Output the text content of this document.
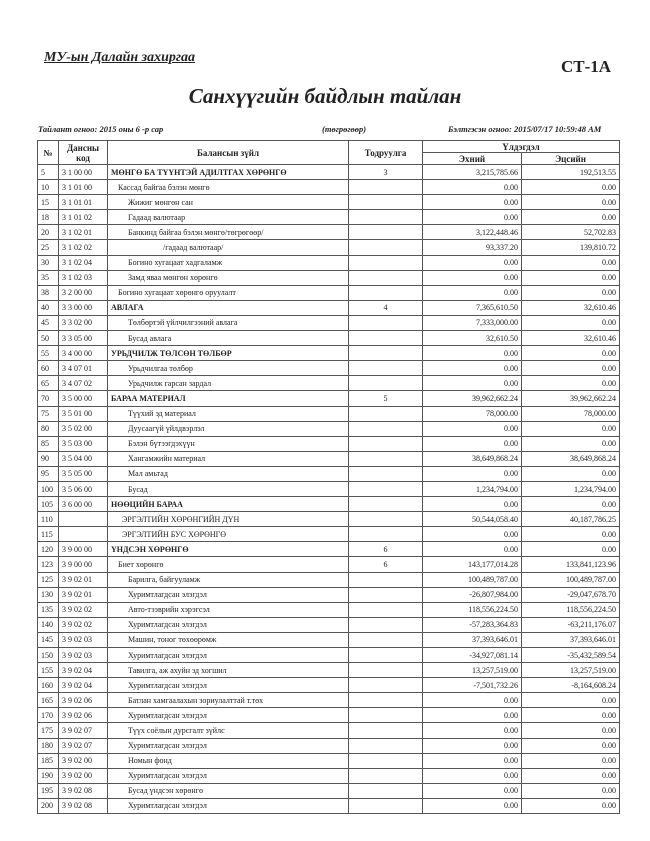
МУ-ын Далайн захиргаа	СТ-1А
Санхүүгийн байдлын тайлан
Тайлант огноо: 2015 оны 6 -р сар	(төгрөгөөр)	Бэлтгэсэн огноо: 2015/07/17 10:59:48 AM
№	Дансны код	Балансын зүйл	Тодруулга	Үлдэгдэл	
				Эхний	Эцсийн
5	3 1 00 00	МӨНГӨ БА ТҮҮНТЭЙ АДИЛТГАХ ХӨРӨНГӨ	3	3,215,785.66	192,513.55
10	3 1 01 00	Кассад байгаа бэлэн мөнгө		0.00	0.00
15	3 1 01 01	Жижиг мөнгөн сан		0.00	0.00
18	3 1 01 02	Гадаад валютаар		0.00	0.00
20	3 1 02 01	Банкинд байгаа бэлэн мөнгө/төгрөгөөр/		3,122,448.46	52,702.83
25	3 1 02 02	/гадаад валютаар/		93,337.20	139,810.72
30	3 1 02 04	Богино хугацаат хадгаламж		0.00	0.00
35	3 1 02 03	Замд яваа мөнгөн хөрөнгө		0.00	0.00
38	3 2 00 00	Богино хугацаат хөрөнгө оруулалт		0.00	0.00
40	3 3 00 00	АВЛАГА	4	7,365,610.50	32,610.46
45	3 3 02 00	Төлбөртэй үйлчилгээний авлага		7,333,000.00	0.00
50	3 3 05 00	Бусад авлага		32,610.50	32,610.46
55	3 4 00 00	УРЬДЧИЛЖ ТӨЛСӨН ТӨЛБӨР		0.00	0.00
60	3 4 07 01	Урьдчилгаа төлбөр		0.00	0.00
65	3 4 07 02	Урьдчилж гарсан зардал		0.00	0.00
70	3 5 00 00	БАРАА МАТЕРИАЛ	5	39,962,662.24	39,962,662.24
75	3 5 01 00	Түүхий эд материал		78,000.00	78,000.00
80	3 5 02 00	Дуусаагүй үйлдвэрлэл		0.00	0.00
85	3 5 03 00	Бэлэн бүтээгдэхүүн		0.00	0.00
90	3 5 04 00	Хангамжийн материал		38,649,868.24	38,649,868.24
95	3 5 05 00	Мал амьтад		0.00	0.00
100	3 5 06 00	Бусад		1,234,794.00	1,234,794.00
105	3 6 00 00	НӨӨЦИЙН БАРАА		0.00	0.00
110		ЭРГЭЛТИЙН ХӨРӨНГИЙН ДҮН		50,544,058.40	40,187,786.25
115		ЭРГЭЛТИЙН БУС ХӨРӨНГӨ		0.00	0.00
120	3 9 00 00	ҮНДСЭН ХӨРӨНГӨ	6	0.00	0.00
123	3 9 00 00	Биет хөрөнгө	6	143,177,014.28	133,841,123.96
125	3 9 02 01	Барилга, байгууламж		100,489,787.00	100,489,787.00
130	3 9 02 01	Хуримтлагдсан элэгдэл		-26,807,984.00	-29,047,678.70
135	3 9 02 02	Авто-тээврийн хэрэгсэл		118,556,224.50	118,556,224.50
140	3 9 02 02	Хуримтлагдсан элэгдэл		-57,283,364.83	-63,211,176.07
145	3 9 02 03	Машин, тоног төхөөрөмж		37,393,646.01	37,393,646.01
150	3 9 02 03	Хуримтлагдсан элэгдэл		-34,927,081.14	-35,432,589.54
155	3 9 02 04	Тавилга, аж ахуйн эд хогшил		13,257,519.00	13,257,519.00
160	3 9 02 04	Хуримтлагдсан элэгдэл		-7,501,732.26	-8,164,608.24
165	3 9 02 06	Батлан хамгаалахын зориулалттай т.төх		0.00	0.00
170	3 9 02 06	Хуримтлагдсан элэгдэл		0.00	0.00
175	3 9 02 07	Түүх соёлын дурсгалт зүйлс		0.00	0.00
180	3 9 02 07	Хуримтлагдсан элэгдэл		0.00	0.00
185	3 9 02 00	Номын фонд		0.00	0.00
190	3 9 02 00	Хуримтлагдсан элэгдэл		0.00	0.00
195	3 9 02 08	Бусад үндсэн хөрөнгө		0.00	0.00
200	3 9 02 08	Хуримтлагдсан элэгдэл		0.00	0.00
